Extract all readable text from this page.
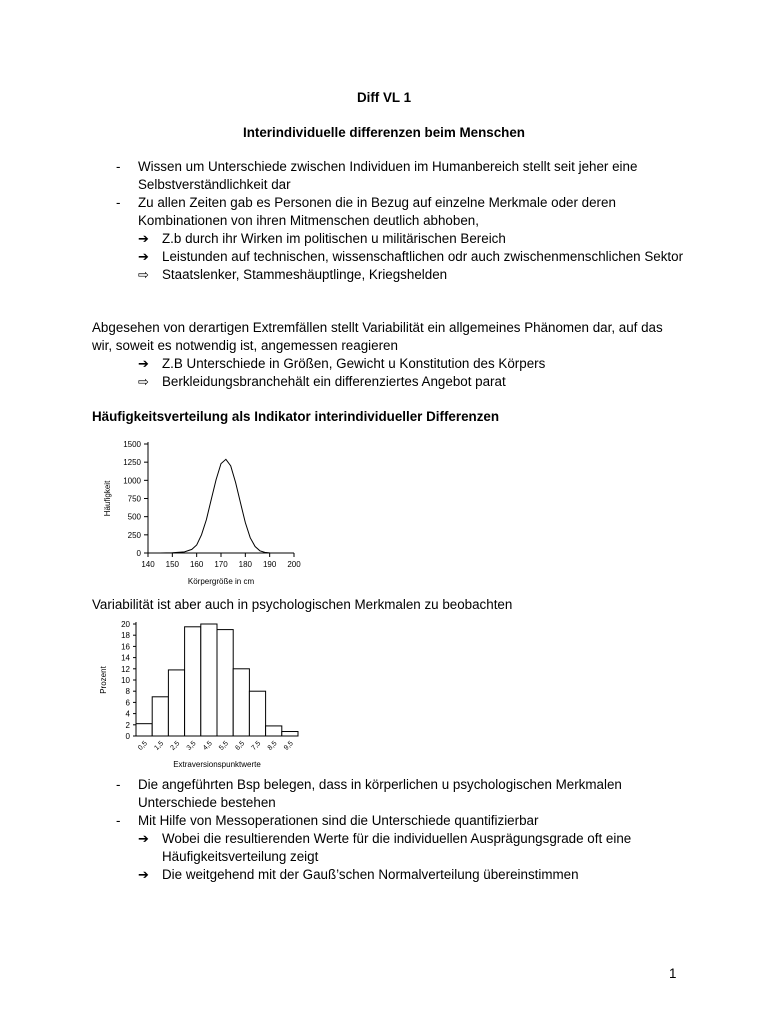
Diff VL 1
Interindividuelle differenzen beim Menschen
- Wissen um Unterschiede zwischen Individuen im Humanbereich stellt seit jeher eine Selbstverständlichkeit dar
- Zu allen Zeiten gab es Personen die in Bezug auf einzelne Merkmale oder deren Kombinationen von ihren Mitmenschen deutlich abhoben,
➔ Z.b durch ihr Wirken im politischen u militärischen Bereich
➔ Leistunden auf technischen, wissenschaftlichen odr auch zwischenmenschlichen Sektor
⇨ Staatslenker, Stammeshäuptlinge, Kriegshelden
Abgesehen von derartigen Extremfällen stellt Variabilität ein allgemeines Phänomen dar, auf das wir, soweit es notwendig ist, angemessen reagieren
➔ Z.B Unterschiede in Größen, Gewicht u Konstitution des Körpers
⇨ Berkleidungsbranchehält ein differenziertes Angebot parat
Häufigkeitsverteilung als Indikator interindividueller Differenzen
0
250
500
750
1000
1250
1500
140 150 160 170 180 190 200
Häufigkeit
Körpergröße in cm
Variabilität ist aber auch in psychologischen Merkmalen zu beobachten
0
2
4
6
8
10
12
14
16
18
20
0,5 1,5 2,5 3,5 4,5 5,5 6,5 7,5 8,5 9,5
Prozent
Extraversionspunktwerte
- Die angeführten Bsp belegen, dass in körperlichen u psychologischen Merkmalen Unterschiede bestehen
- Mit Hilfe von Messoperationen sind die Unterschiede quantifizierbar
➔ Wobei die resultierenden Werte für die individuellen Ausprägungsgrade oft eine Häufigkeitsverteilung zeigt
➔ Die weitgehend mit der Gauß’schen Normalverteilung übereinstimmen
1
